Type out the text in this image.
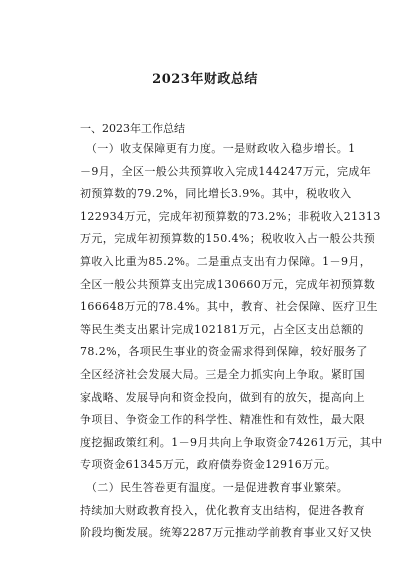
2023年财政总结
一、2023年工作总结
　（一）收支保障更有力度。一是财政收入稳步增长。1
－9月，全区一般公共预算收入完成144247万元，完成年
初预算数的79.2%，同比增长3.9%。其中，税收收入
122934万元，完成年初预算数的73.2%；非税收入21313
万元，完成年初预算数的150.4%；税收收入占一般公共预
算收入比重为85.2%。二是重点支出有力保障。1－9月，
全区一般公共预算支出完成130660万元，完成年初预算数
166648万元的78.4%。其中，教育、社会保障、医疗卫生
等民生类支出累计完成102181万元，占全区支出总额的
78.2%，各项民生事业的资金需求得到保障，较好服务了
全区经济社会发展大局。三是全力抓实向上争取。紧盯国
家战略、发展导向和资金投向，做到有的放矢，提高向上
争项目、争资金工作的科学性、精准性和有效性，最大限
度挖掘政策红利。1－9月共向上争取资金74261万元，其中
专项资金61345万元，政府债券资金12916万元。
　（二）民生答卷更有温度。一是促进教育事业繁荣。
持续加大财政教育投入，优化教育支出结构，促进各教育
阶段均衡发展。统筹2287万元推动学前教育事业又好又快
